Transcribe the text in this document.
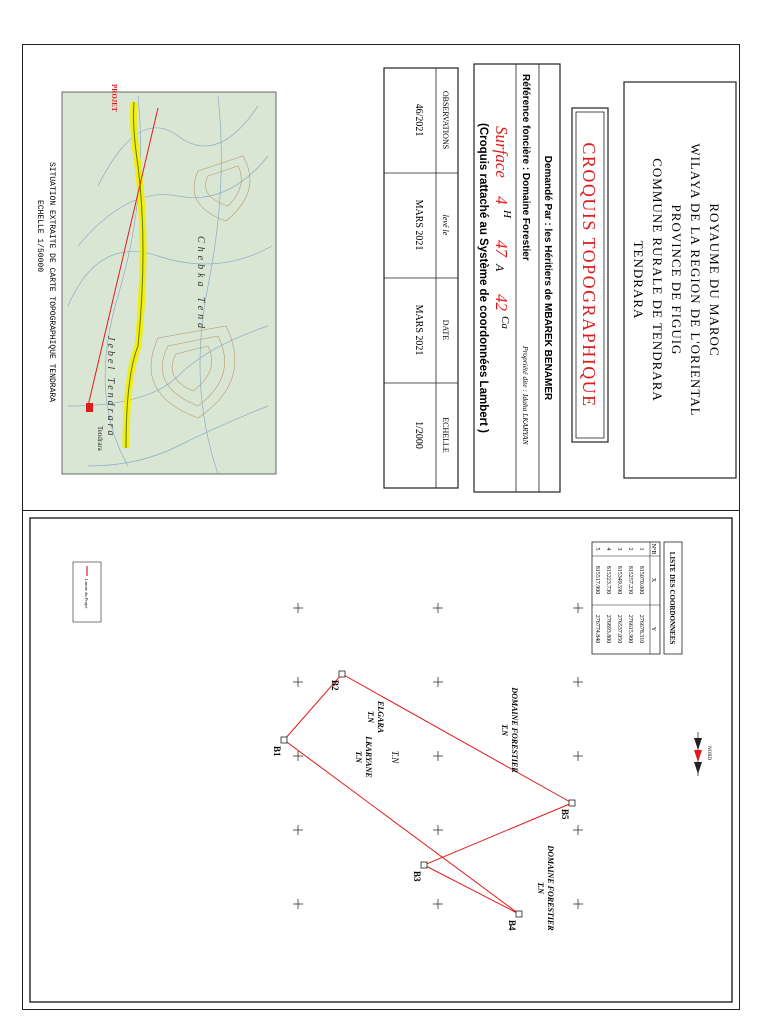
ROYAUME DU MAROC
WILAYA DE LA REGION DE L'ORIENTAL
PROVINCE DE FIGUIG
COMMUNE RURALE DE TENDRARA
TENDRARA
CROQUIS TOPOGRAPHIQUE
Demandé Par : les Héritiers de MBAREK BENAMER
Référence foncière : Domaine Forestier
Propriété dite : Idaha LKARYAN
Surface
4
H
47
A
42
Ca
(Croquis rattaché au Système de coordonnées Lambert )
OBSERVATIONS
levé le
DATE
ECHELLE
46/2021
MARS 2021
MARS 2021
1/2000
Chebka Tend
Jebel Tendrara
Tendrara
PROJET
SITUATION EXTRAITE DE CARTE TOPOGRAPHIQUE TENDRARA
ECHELLE 1/50000
LISTE DES COORDONNEES
N°B
X
Y
1
815070.000
276678.310
2
815257.230
276615.900
3
815349.590
276537.050
4
815223.730
276893.800
5
815517.900
276774.840
NORD
B1
B2
B3
B4
B5
ELGARA
T.N	DOMAINE FORESTIER
T.N
LKARYANE
T.N
DOMAINE FORESTIER
T.N
T.N
Limite du Projet
